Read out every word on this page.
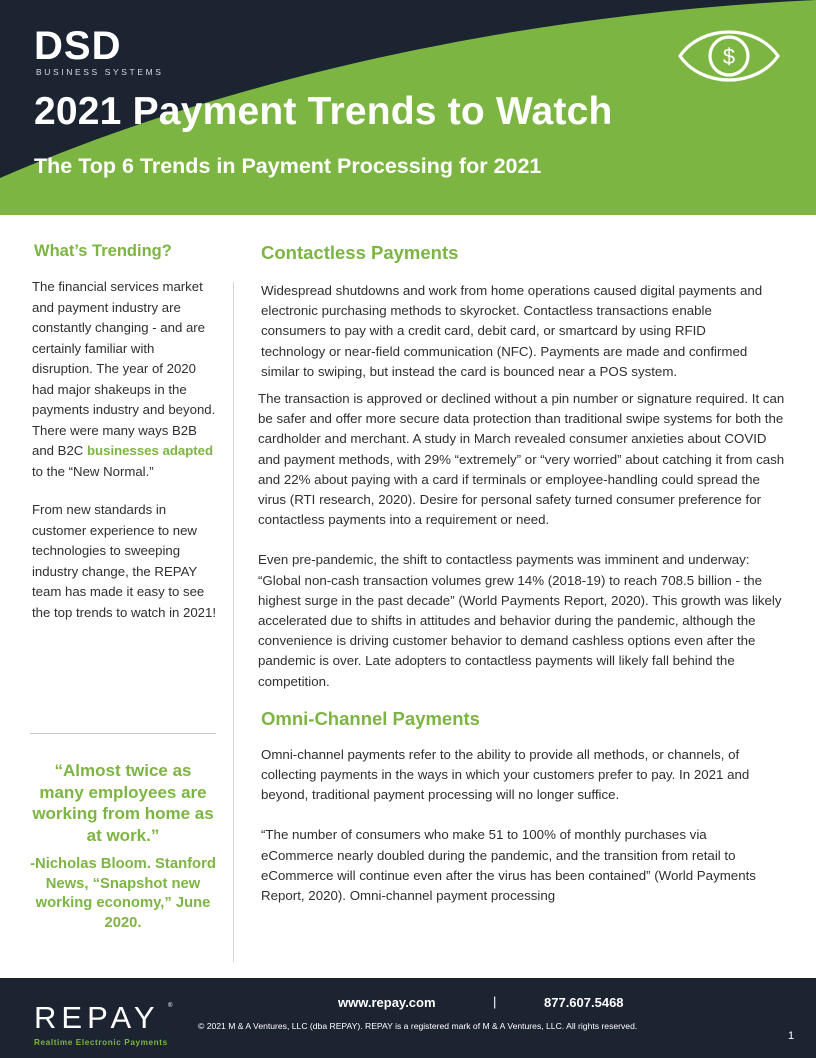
DSD
BUSINESS SYSTEMS
$
2021 Payment Trends to Watch
The Top 6 Trends in Payment Processing for 2021
What’s Trending?

The financial services market and payment industry are constantly changing - and are certainly familiar with disruption. The year of 2020 had major shakeups in the payments industry and beyond. There were many ways B2B and B2C businesses adapted to the “New Normal.”

From new standards in customer experience to new technologies to sweeping industry change, the REPAY team has made it easy to see the top trends to watch in 2021!

“Almost twice as many employees are working from home as at work.”
-Nicholas Bloom. Stanford News, “Snapshot new working economy,” June 2020.
Contactless Payments

Widespread shutdowns and work from home operations caused digital payments and electronic purchasing methods to skyrocket. Contactless transactions enable consumers to pay with a credit card, debit card, or smartcard by using RFID technology or near-field communication (NFC). Payments are made and confirmed similar to swiping, but instead the card is bounced near a POS system.

The transaction is approved or declined without a pin number or signature required. It can be safer and offer more secure data protection than traditional swipe systems for both the cardholder and merchant. A study in March revealed consumer anxieties about COVID and payment methods, with 29% “extremely” or “very worried” about catching it from cash and 22% about paying with a card if terminals or employee-handling could spread the virus (RTI research, 2020). Desire for personal safety turned consumer preference for contactless payments into a requirement or need.

Even pre-pandemic, the shift to contactless payments was imminent and underway: “Global non-cash transaction volumes grew 14% (2018-19) to reach 708.5 billion - the highest surge in the past decade” (World Payments Report, 2020). This growth was likely accelerated due to shifts in attitudes and behavior during the pandemic, although the convenience is driving customer behavior to demand cashless options even after the pandemic is over. Late adopters to contactless payments will likely fall behind the competition.

Omni-Channel Payments

Omni-channel payments refer to the ability to provide all methods, or channels, of collecting payments in the ways in which your customers prefer to pay. In 2021 and beyond, traditional payment processing will no longer suffice.

“The number of consumers who make 51 to 100% of monthly purchases via eCommerce nearly doubled during the pandemic, and the transition from retail to eCommerce will continue even after the virus has been contained” (World Payments Report, 2020). Omni-channel payment processing

REPAY ®
Realtime Electronic Payments
www.repay.com	|	877.607.5468
© 2021 M & A Ventures, LLC (dba REPAY). REPAY is a registered mark of M & A Ventures, LLC. All rights reserved.
1
